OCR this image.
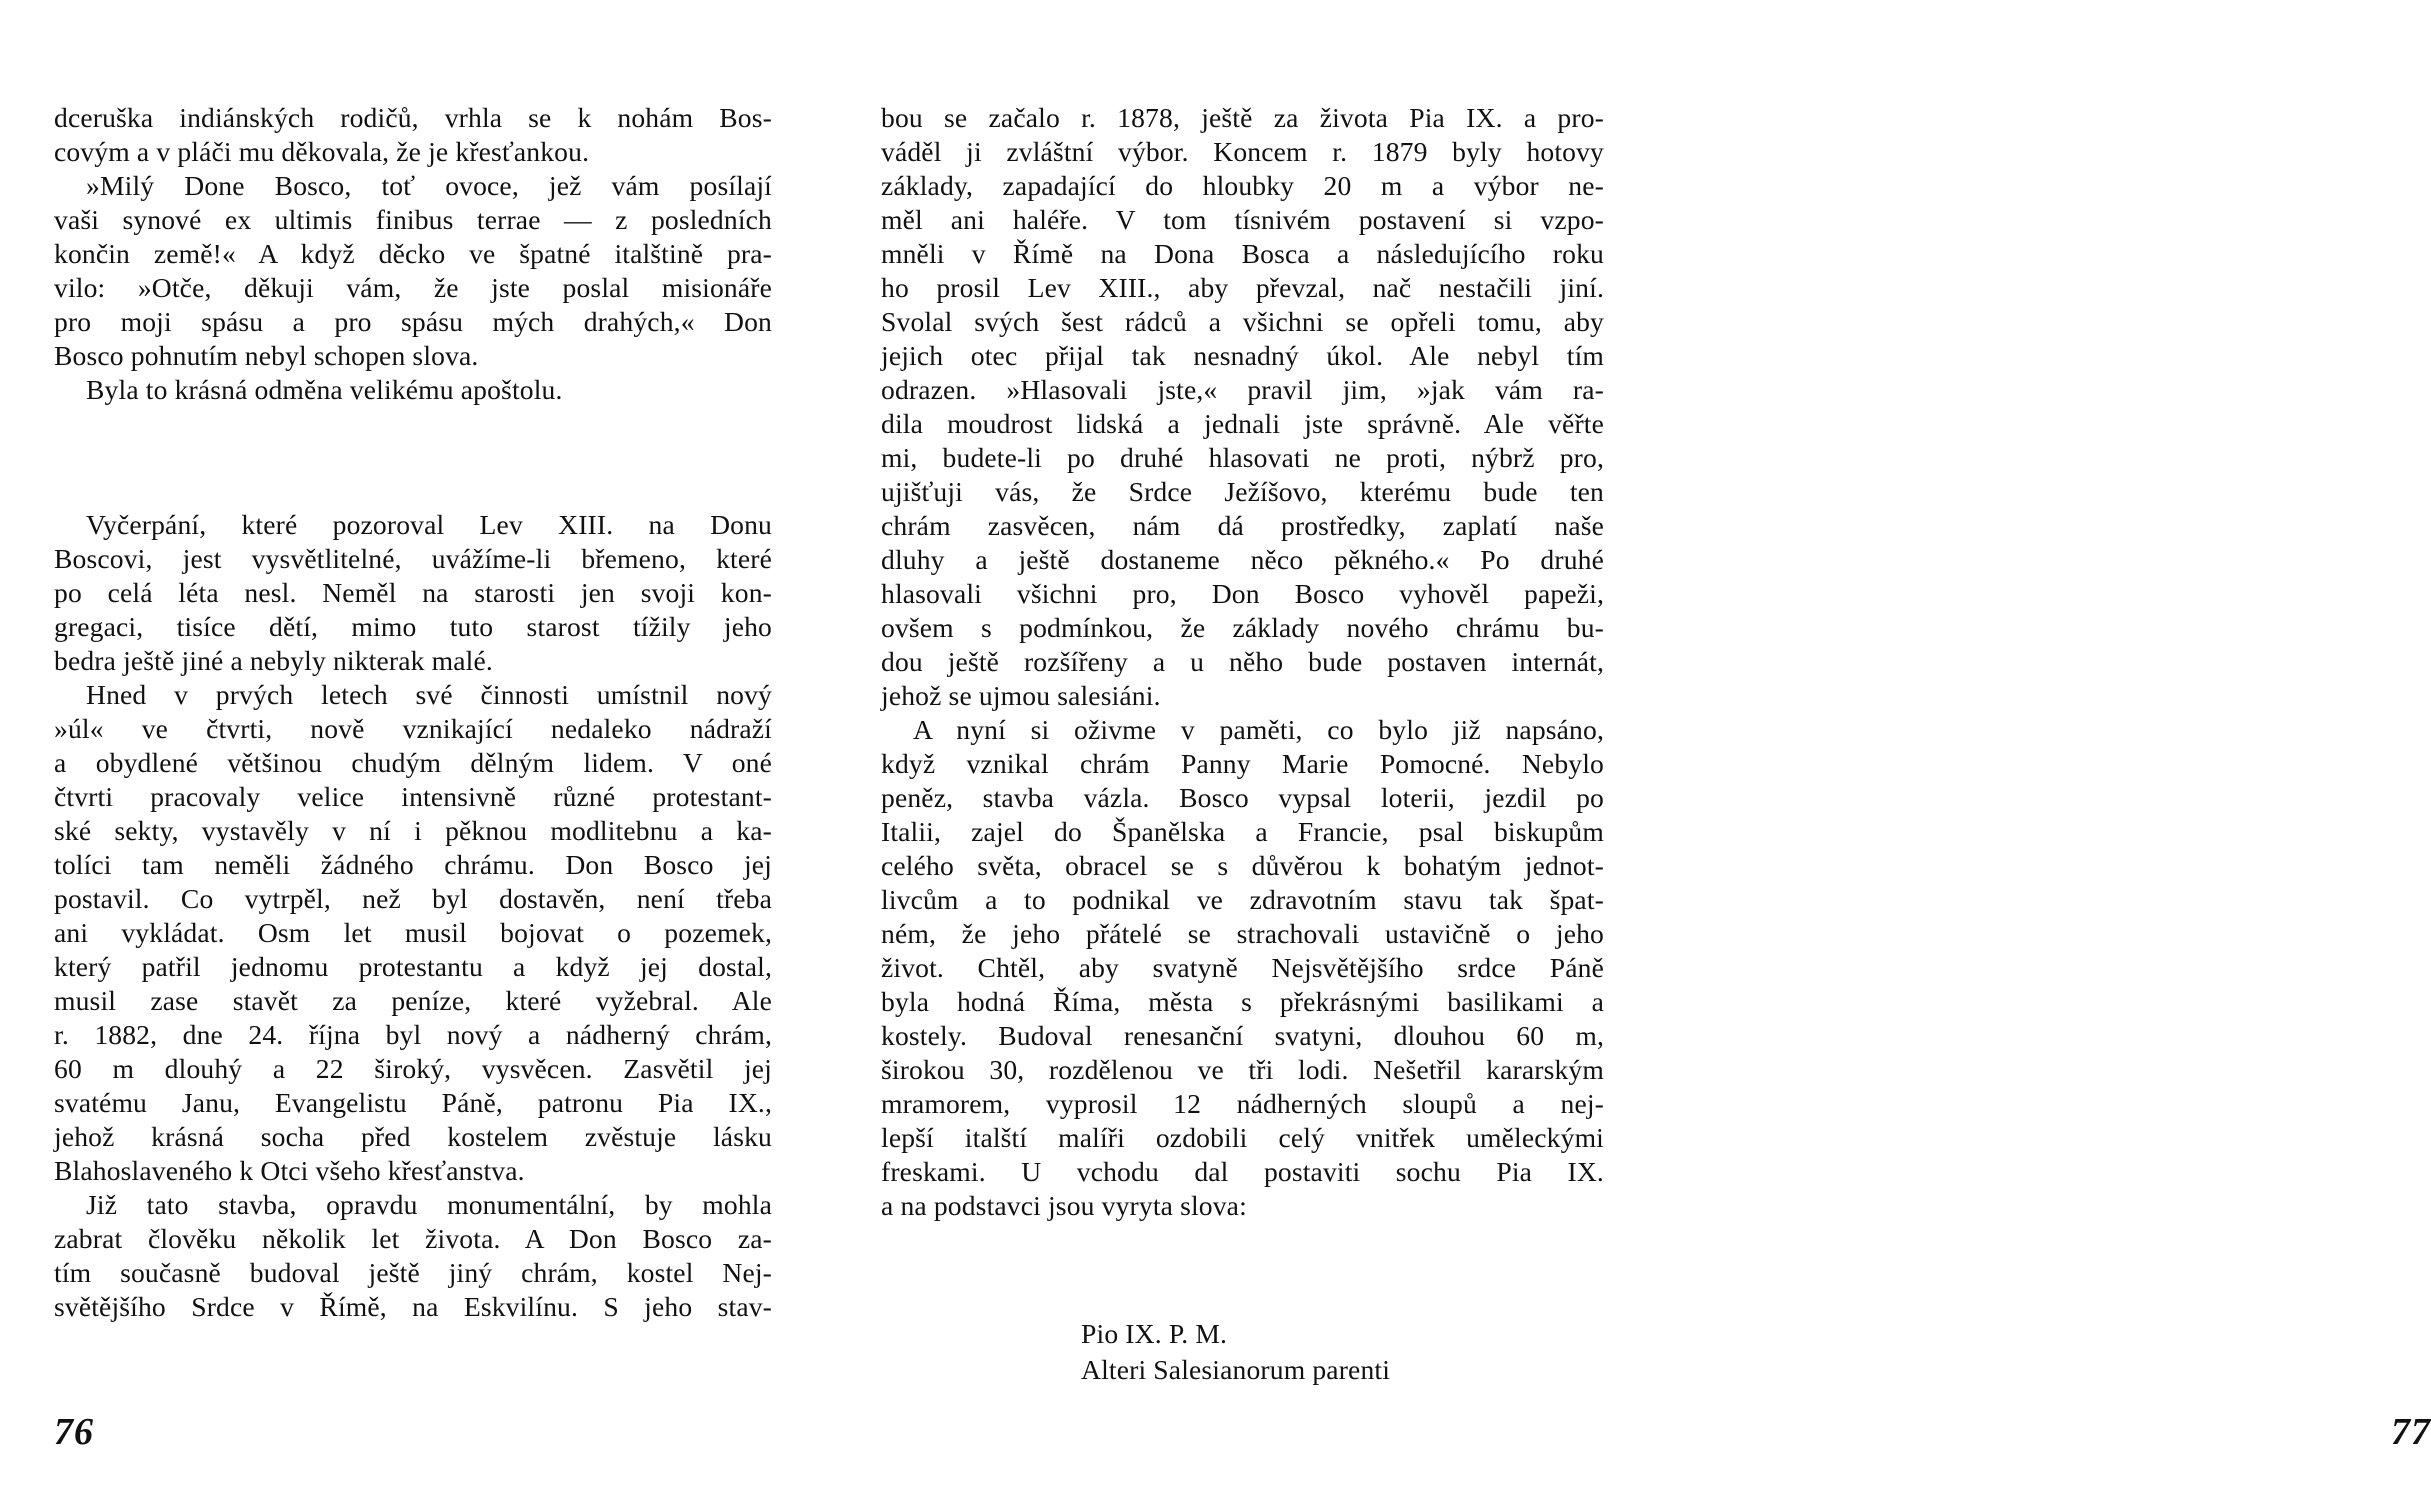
dceruška indiánských rodičů, vrhla se k nohám Bos-
covým a v pláči mu děkovala, že je křesťankou.
»Milý Done Bosco, toť ovoce, jež vám posílají
vaši synové ex ultimis finibus terrae — z posledních
končin země!« A když děcko ve špatné italštině pra-
vilo: »Otče, děkuji vám, že jste poslal misionáře
pro moji spásu a pro spásu mých drahých,« Don
Bosco pohnutím nebyl schopen slova.
Byla to krásná odměna velikému apoštolu.
Vyčerpání, které pozoroval Lev XIII. na Donu
Boscovi, jest vysvětlitelné, uvážíme-li břemeno, které
po celá léta nesl. Neměl na starosti jen svoji kon-
gregaci, tisíce dětí, mimo tuto starost tížily jeho
bedra ještě jiné a nebyly nikterak malé.
Hned v prvých letech své činnosti umístnil nový
»úl« ve čtvrti, nově vznikající nedaleko nádraží
a obydlené většinou chudým dělným lidem. V oné
čtvrti pracovaly velice intensivně různé protestant-
ské sekty, vystavěly v ní i pěknou modlitebnu a ka-
tolíci tam neměli žádného chrámu. Don Bosco jej
postavil. Co vytrpěl, než byl dostavěn, není třeba
ani vykládat. Osm let musil bojovat o pozemek,
který patřil jednomu protestantu a když jej dostal,
musil zase stavět za peníze, které vyžebral. Ale
r. 1882, dne 24. října byl nový a nádherný chrám,
60 m dlouhý a 22 široký, vysvěcen. Zasvětil jej
svatému Janu, Evangelistu Páně, patronu Pia IX.,
jehož krásná socha před kostelem zvěstuje lásku
Blahoslaveného k Otci všeho křesťanstva.
Již tato stavba, opravdu monumentální, by mohla
zabrat člověku několik let života. A Don Bosco za-
tím současně budoval ještě jiný chrám, kostel Nej-
světějšího Srdce v Římě, na Eskvilínu. S jeho stav-
76
bou se začalo r. 1878, ještě za života Pia IX. a pro-
váděl ji zvláštní výbor. Koncem r. 1879 byly hotovy
základy, zapadající do hloubky 20 m a výbor ne-
měl ani haléře. V tom tísnivém postavení si vzpo-
mněli v Římě na Dona Bosca a následujícího roku
ho prosil Lev XIII., aby převzal, nač nestačili jiní.
Svolal svých šest rádců a všichni se opřeli tomu, aby
jejich otec přijal tak nesnadný úkol. Ale nebyl tím
odrazen. »Hlasovali jste,« pravil jim, »jak vám ra-
dila moudrost lidská a jednali jste správně. Ale věřte
mi, budete-li po druhé hlasovati ne proti, nýbrž pro,
ujišťuji vás, že Srdce Ježíšovo, kterému bude ten
chrám zasvěcen, nám dá prostředky, zaplatí naše
dluhy a ještě dostaneme něco pěkného.« Po druhé
hlasovali všichni pro, Don Bosco vyhověl papeži,
ovšem s podmínkou, že základy nového chrámu bu-
dou ještě rozšířeny a u něho bude postaven internát,
jehož se ujmou salesiáni.
A nyní si oživme v paměti, co bylo již napsáno,
když vznikal chrám Panny Marie Pomocné. Nebylo
peněz, stavba vázla. Bosco vypsal loterii, jezdil po
Italii, zajel do Španělska a Francie, psal biskupům
celého světa, obracel se s důvěrou k bohatým jednot-
livcům a to podnikal ve zdravotním stavu tak špat-
ném, že jeho přátelé se strachovali ustavičně o jeho
život. Chtěl, aby svatyně Nejsvětějšího srdce Páně
byla hodná Říma, města s překrásnými basilikami a
kostely. Budoval renesanční svatyni, dlouhou 60 m,
širokou 30, rozdělenou ve tři lodi. Nešetřil kararským
mramorem, vyprosil 12 nádherných sloupů a nej-
lepší italští malíři ozdobili celý vnitřek uměleckými
freskami. U vchodu dal postaviti sochu Pia IX.
a na podstavci jsou vyryta slova:
77
Pio IX. P. M.
Alteri Salesianorum parenti
